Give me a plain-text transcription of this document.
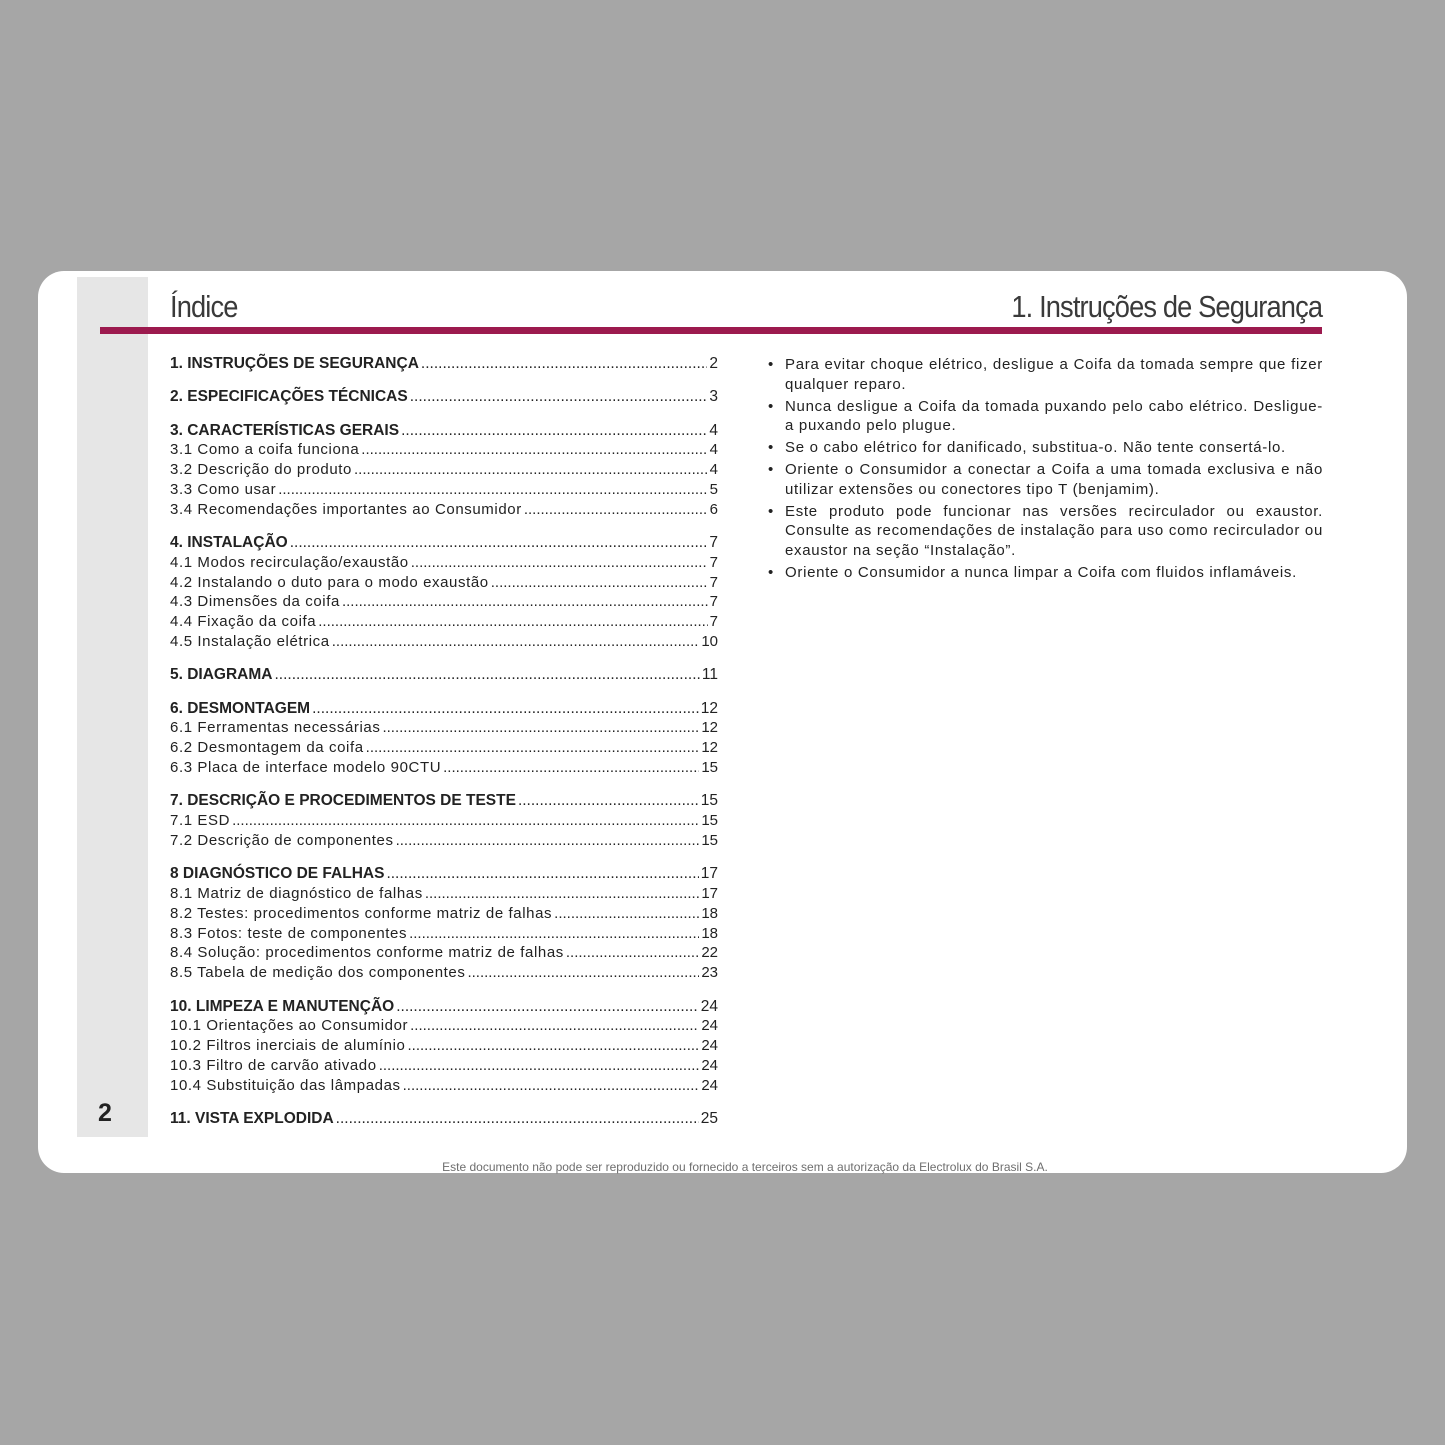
2
Índice	1. Instruções de Segurança
1. INSTRUÇÕES DE SEGURANÇA .....	2
2. ESPECIFICAÇÕES TÉCNICAS .....	3
3. CARACTERÍSTICAS GERAIS .....	4
3.1 Como a coifa funciona .....	4
3.2 Descrição do produto .....	4
3.3 Como usar .....	5
3.4 Recomendações importantes ao Consumidor .....	6
4. INSTALAÇÃO .....	7
4.1 Modos recirculação/exaustão .....	7
4.2 Instalando o duto para o modo exaustão .....	7
4.3 Dimensões da coifa .....	7
4.4 Fixação da coifa .....	7
4.5 Instalação elétrica .....	10
5. DIAGRAMA .....	11
6. DESMONTAGEM .....	12
6.1 Ferramentas necessárias .....	12
6.2 Desmontagem da coifa .....	12
6.3 Placa de interface modelo 90CTU .....	15
7. DESCRIÇÃO E PROCEDIMENTOS DE TESTE .....	15
7.1 ESD .....	15
7.2 Descrição de componentes .....	15
8 DIAGNÓSTICO DE FALHAS .....	17
8.1 Matriz de diagnóstico de falhas .....	17
8.2 Testes: procedimentos conforme matriz de falhas .....	18
8.3 Fotos: teste de componentes .....	18
8.4 Solução: procedimentos conforme matriz de falhas .....	22
8.5 Tabela de medição dos componentes .....	23
10. LIMPEZA E MANUTENÇÃO .....	24
10.1 Orientações ao Consumidor .....	24
10.2 Filtros inerciais de alumínio .....	24
10.3 Filtro de carvão ativado .....	24
10.4 Substituição das lâmpadas .....	24
11. VISTA EXPLODIDA .....	25
• Para evitar choque elétrico, desligue a Coifa da tomada sempre que fizer qualquer reparo.
• Nunca desligue a Coifa da tomada puxando pelo cabo elétrico. Desligue-a puxando pelo plugue.
• Se o cabo elétrico for danificado, substitua-o. Não tente consertá-lo.
• Oriente o Consumidor a conectar a Coifa a uma tomada exclusiva e não utilizar extensões ou conectores tipo T (benjamim).
• Este produto pode funcionar nas versões recirculador ou exaustor. Consulte as recomendações de instalação para uso como recirculador ou exaustor na seção “Instalação”.
• Oriente o Consumidor a nunca limpar a Coifa com fluidos inflamáveis.
Este documento não pode ser reproduzido ou fornecido a terceiros sem a autorização da Electrolux do Brasil S.A.
